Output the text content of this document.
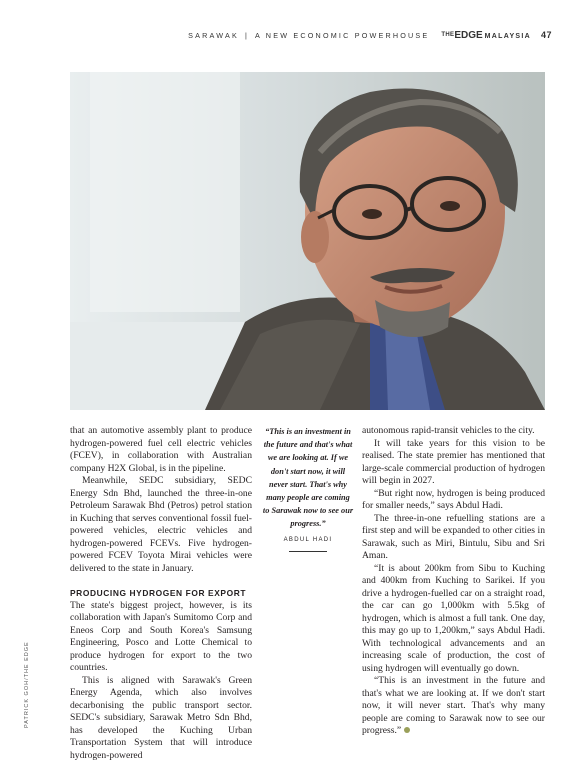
SARAWAK | A NEW ECONOMIC POWERHOUSE $^{THE}$EDGE MALAYSIA 47
PATRICK GOH/THE EDGE

that an automotive assembly plant to produce hydrogen-powered fuel cell electric vehicles (FCEV), in collaboration with Australian company H2X Global, is in the pipeline.

Meanwhile, SEDC subsidiary, SEDC Energy Sdn Bhd, launched the three-in-one Petroleum Sarawak Bhd (Petros) petrol station in Kuching that serves conventional fossil fuel-powered vehicles, electric vehicles and hydrogen-powered FCEVs. Five hydrogen-powered FCEV Toyota Mirai vehicles were delivered to the state in January.

PRODUCING HYDROGEN FOR EXPORT

The state's biggest project, however, is its collaboration with Japan's Sumitomo Corp and Eneos Corp and South Korea's Samsung Engineering, Posco and Lotte Chemical to produce hydrogen for export to the two countries.

This is aligned with Sarawak's Green Energy Agenda, which also involves decarbonising the public transport sector. SEDC's subsidiary, Sarawak Metro Sdn Bhd, has developed the Kuching Urban Transportation System that will introduce hydrogen-powered

“This is an investment in the future and that's what we are looking at. If we don't start now, it will never start. That's why many people are coming to Sarawak now to see our progress.”
ABDUL HADI

autonomous rapid-transit vehicles to the city.

It will take years for this vision to be realised. The state premier has mentioned that large-scale commercial production of hydrogen will begin in 2027.

“But right now, hydrogen is being produced for smaller needs,” says Abdul Hadi.

The three-in-one refuelling stations are a first step and will be expanded to other cities in Sarawak, such as Miri, Bintulu, Sibu and Sri Aman.

“It is about 200km from Sibu to Kuching and 400km from Kuching to Sarikei. If you drive a hydrogen-fuelled car on a straight road, the car can go 1,000km with 5.5kg of hydrogen, which is almost a full tank. One day, this may go up to 1,200km,” says Abdul Hadi. With technological advancements and an increasing scale of production, the cost of using hydrogen will eventually go down.

“This is an investment in the future and that's what we are looking at. If we don't start now, it will never start. That's why many people are coming to Sarawak now to see our progress.”
